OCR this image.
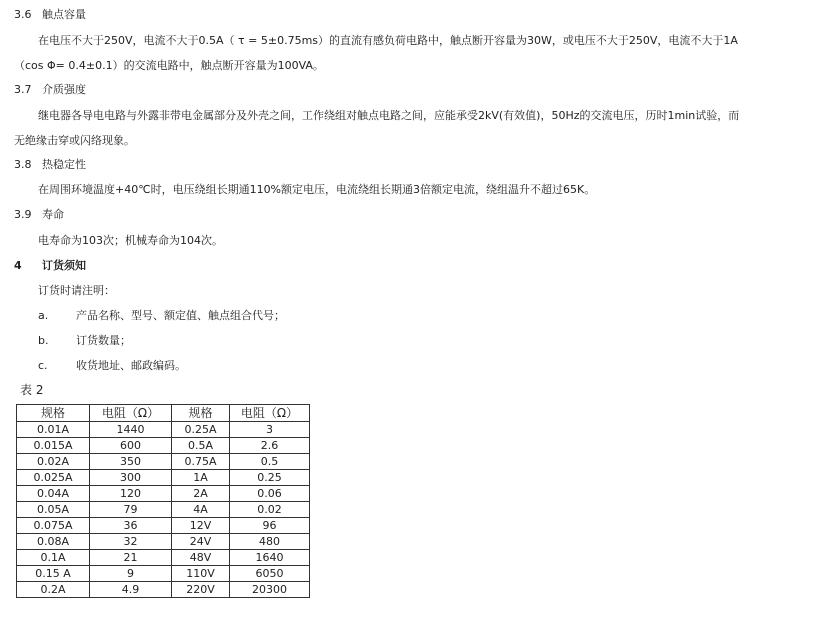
3.6 触点容量
在电压不大于250V，电流不大于0.5A（ τ = 5±0.75ms）的直流有感负荷电路中，触点断开容量为30W，或电压不大于250V，电流不大于1A
（cos Φ= 0.4±0.1）的交流电路中，触点断开容量为100VA。
3.7 介质强度
继电器各导电电路与外露非带电金属部分及外壳之间，工作绕组对触点电路之间，应能承受2kV(有效值)，50Hz的交流电压，历时1min试验，而
无绝缘击穿或闪络现象。
3.8 热稳定性
在周围环境温度+40℃时，电压绕组长期通110%额定电压，电流绕组长期通3倍额定电流，绕组温升不超过65K。
3.9 寿命
电寿命为103次；机械寿命为104次。
4 订货须知
订货时请注明：
a.	产品名称、型号、额定值、触点组合代号；
b.	订货数量；
c.	收货地址、邮政编码。
表 2
规格	电阻（Ω）	规格	电阻（Ω）
0.01A	1440	0.25A	3
0.015A	600	0.5A	2.6
0.02A	350	0.75A	0.5
0.025A	300	1A	0.25
0.04A	120	2A	0.06
0.05A	79	4A	0.02
0.075A	36	12V	96
0.08A	32	24V	480
0.1A	21	48V	1640
0.15 A	9	110V	6050
0.2A	4.9	220V	20300
